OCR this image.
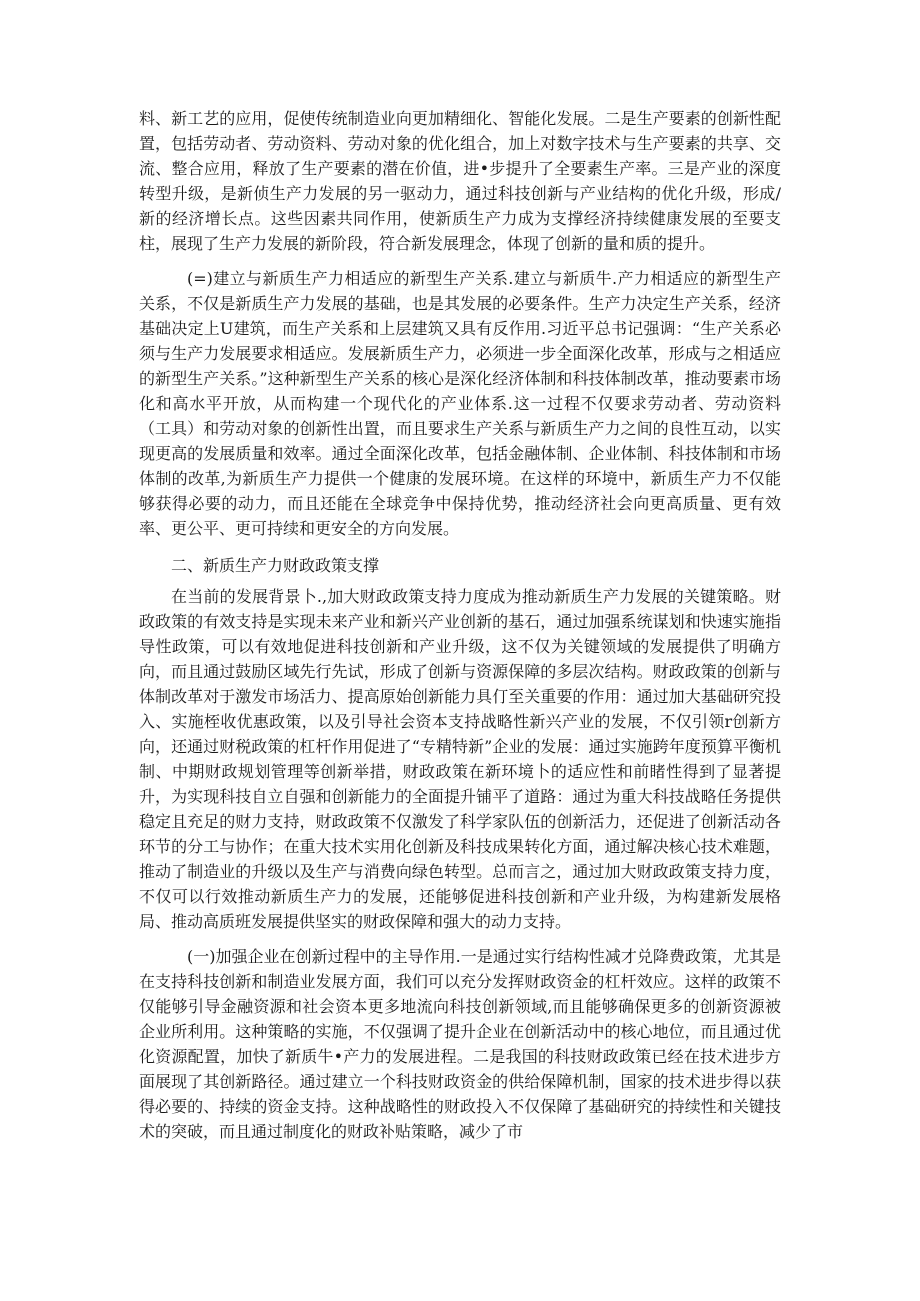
料、新工艺的应用，促使传统制造业向更加精细化、智能化发展。二是生产要素的创新性配置，包括劳动者、劳动资料、劳动对象的优化组合，加上对数字技术与生产要素的共享、交流、整合应用，释放了生产要素的潜在价值，进•步提升了全要素生产率。三是产业的深度转型升级，是新侦生产力发展的另一驱动力，通过科技创新与产业结构的优化升级，形成/新的经济增长点。这些因素共同作用，使新质生产力成为支撑经济持续健康发展的至要支柱，展现了生产力发展的新阶段，符合新发展理念，体现了创新的量和质的提升。

(=)建立与新质生产力相适应的新型生产关系.建立与新质牛.产力相适应的新型生产关系，不仅是新质生产力发展的基础，也是其发展的必要条件。生产力决定生产关系，经济基础决定上U建筑，而生产关系和上层建筑又具有反作用.习近平总书记强调：“生产关系必须与生产力发展要求相适应。发展新质生产力，必须进一步全面深化改革，形成与之相适应的新型生产关系。”这种新型生产关系的核心是深化经济体制和科技体制改革，推动要素市场化和高水平开放，从而构建一个现代化的产业体系.这一过程不仅要求劳动者、劳动资料（工具）和劳动对象的创新性出置，而且要求生产关系与新质生产力之间的良性互动，以实现更高的发展质量和效率。通过全面深化改革，包括金融体制、企业体制、科技体制和市场体制的改革,为新质生产力提供一个健康的发展环境。在这样的环境中，新质生产力不仅能够获得必要的动力，而且还能在全球竞争中保持优势，推动经济社会向更高质量、更有效率、更公平、更可持续和更安全的方向发展。

二、新质生产力财政政策支撑

在当前的发展背景卜.,加大财政政策支持力度成为推动新质生产力发展的关键策略。财政政策的有效支持是实现未来产业和新兴产业创新的基石，通过加强系统谋划和快速实施指导性政策，可以有效地促进科技创新和产业升级，这不仅为关键领域的发展提供了明确方向，而且通过鼓励区域先行先试，形成了创新与资源保障的多层次结构。财政政策的创新与体制改革对于激发市场活力、提高原始创新能力具仃至关重要的作用：通过加大基础研究投入、实施桎收优惠政策，以及引导社会资本支持战略性新兴产业的发展，不仅引领r创新方向，还通过财税政策的杠杆作用促进了“专精特新”企业的发展：通过实施跨年度预算平衡机制、中期财政规划管理等创新举措，财政政策在新环境卜的适应性和前睹性得到了显著提升，为实现科技自立自强和创新能力的全面提升铺平了道路：通过为重大科技战略任务提供稳定且充足的财力支持，财政政策不仅激发了科学家队伍的创新活力，还促进了创新活动各环节的分工与协作；在重大技术实用化创新及科技成果转化方面，通过解决核心技术难题，推动了制造业的升级以及生产与消费向绿色转型。总而言之，通过加大财政政策支持力度，不仅可以行效推动新质生产力的发展，还能够促进科技创新和产业升级，为构建新发展格局、推动高质班发展提供坚实的财政保障和强大的动力支持。

(一)加强企业在创新过程中的主导作用.一是通过实行结构性减才兑降费政策，尤其是在支持科技创新和制造业发展方面，我们可以充分发挥财政资金的杠杆效应。这样的政策不仅能够引导金融资源和社会资本更多地流向科技创新领域,而且能够确保更多的创新资源被企业所利用。这种策略的实施，不仅强调了提升企业在创新活动中的核心地位，而且通过优化资源配置，加快了新质牛•产力的发展进程。二是我国的科技财政政策已经在技术进步方面展现了其创新路径。通过建立一个科技财政资金的供给保障机制，国家的技术进步得以获得必要的、持续的资金支持。这种战略性的财政投入不仅保障了基础研究的持续性和关键技术的突破，而且通过制度化的财政补贴策略，减少了市
